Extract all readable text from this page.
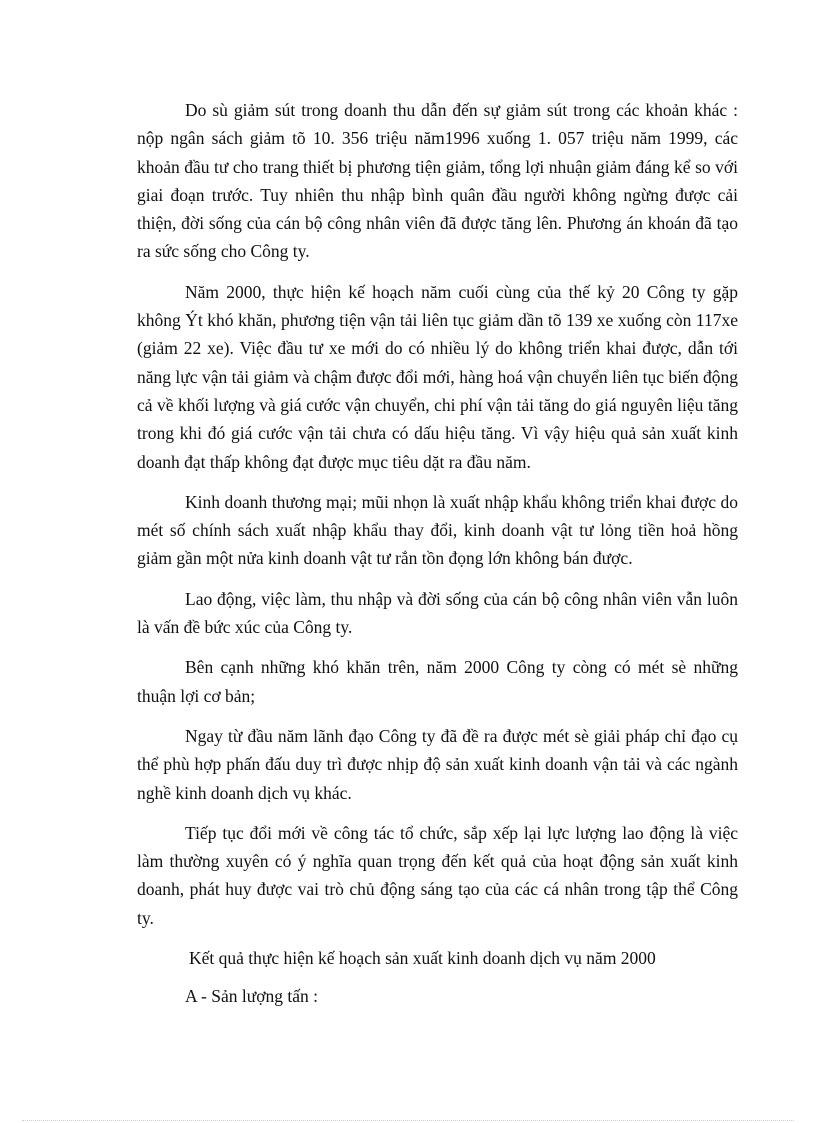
Do sù giảm sút trong doanh thu dẫn đến sự giảm sút trong các khoản khác : nộp ngân sách giảm tõ 10. 356 triệu năm1996 xuống 1. 057 triệu năm 1999, các khoản đầu tư cho trang thiết bị phương tiện giảm, tổng lợi nhuận giảm đáng kể so với giai đoạn trước. Tuy nhiên thu nhập bình quân đầu người không ngừng được cải thiện, đời sống của cán bộ công nhân viên đã được tăng lên. Phương án khoán đã tạo ra sức sống cho Công ty.

Năm 2000, thực hiện kế hoạch năm cuối cùng của thế kỷ 20 Công ty gặp không Ýt khó khăn, phương tiện vận tải liên tục giảm dần tõ 139 xe xuống còn 117xe (giảm 22 xe). Việc đầu tư xe mới do có nhiều lý do không triển khai được, dẫn tới năng lực vận tải giảm và chậm được đổi mới, hàng hoá vận chuyển liên tục biến động cả về khối lượng và giá cước vận chuyển, chi phí vận tải tăng do giá nguyên liệu tăng trong khi đó giá cước vận tải chưa có dấu hiệu tăng. Vì vậy hiệu quả sản xuất kinh doanh đạt thấp không đạt được mục tiêu dặt ra đầu năm.

Kinh doanh thương mại; mũi nhọn là xuất nhập khẩu không triển khai được do mét số chính sách xuất nhập khẩu thay đổi, kinh doanh vật tư lỏng tiền hoả hồng giảm gần một nửa kinh doanh vật tư rắn tồn đọng lớn không bán được.

Lao động, việc làm, thu nhập và đời sống của cán bộ công nhân viên vẫn luôn là vấn đề bức xúc của Công ty.

Bên cạnh những khó khăn trên, năm 2000 Công ty còng có mét sè những thuận lợi cơ bản;

Ngay từ đầu năm lãnh đạo Công ty đã đề ra được mét sè giải pháp chỉ đạo cụ thể phù hợp phấn đấu duy trì được nhịp độ sản xuất kinh doanh vận tải và các ngành nghề kinh doanh dịch vụ khác.

Tiếp tục đổi mới về công tác tổ chức, sắp xếp lại lực lượng lao động là việc làm thường xuyên có ý nghĩa quan trọng đến kết quả của hoạt động sản xuất kinh doanh, phát huy được vai trò chủ động sáng tạo của các cá nhân trong tập thể Công ty.

Kết quả thực hiện kế hoạch sản xuất kinh doanh dịch vụ năm 2000

A - Sản lượng tấn :
